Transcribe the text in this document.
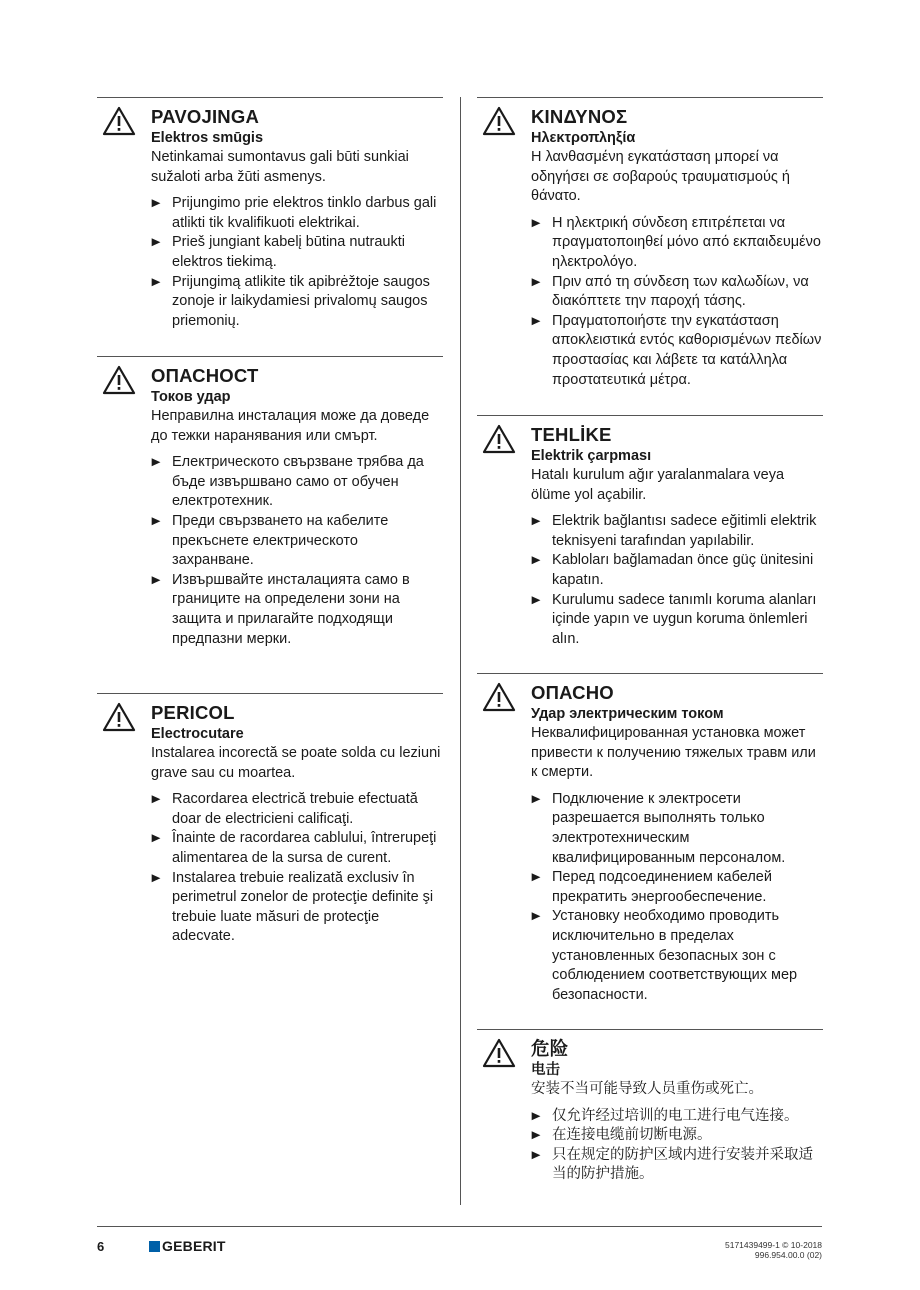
PAVOJINGA
Elektros smūgis

Netinkamai sumontavus gali būti sunkiai sužaloti arba žūti asmenys.

▶ Prijungimo prie elektros tinklo darbus gali atlikti tik kvalifikuoti elektrikai.
▶ Prieš jungiant kabelį būtina nutraukti elektros tiekimą.
▶ Prijungimą atlikite tik apibrėžtoje saugos zonoje ir laikydamiesi privalomų saugos priemonių.
ОПАСНОСТ
Токов удар

Неправилна инсталация може да доведе до тежки наранявания или смърт.

▶ Електрическото свързване трябва да бъде извършвано само от обучен електротехник.
▶ Преди свързването на кабелите прекъснете електрическото захранване.
▶ Извършвайте инсталацията само в границите на определени зони на защита и прилагайте подходящи предпазни мерки.
PERICOL
Electrocutare

Instalarea incorectă se poate solda cu leziuni grave sau cu moartea.

▶ Racordarea electrică trebuie efectuată doar de electricieni calificaţi.
▶ Înainte de racordarea cablului, întrerupeţi alimentarea de la sursa de curent.
▶ Instalarea trebuie realizată exclusiv în perimetrul zonelor de protecţie definite şi trebuie luate măsuri de protecţie adecvate.
ΚΙΝΔΥΝΟΣ
Ηλεκτροπληξία

Η λανθασμένη εγκατάσταση μπορεί να οδηγήσει σε σοβαρούς τραυματισμούς ή θάνατο.

▶ Η ηλεκτρική σύνδεση επιτρέπεται να πραγματοποιηθεί μόνο από εκπαιδευμένο ηλεκτρολόγο.
▶ Πριν από τη σύνδεση των καλωδίων, να διακόπτετε την παροχή τάσης.
▶ Πραγματοποιήστε την εγκατάσταση αποκλειστικά εντός καθορισμένων πεδίων προστασίας και λάβετε τα κατάλληλα προστατευτικά μέτρα.
TEHLİKE
Elektrik çarpması

Hatalı kurulum ağır yaralanmalara veya ölüme yol açabilir.

▶ Elektrik bağlantısı sadece eğitimli elektrik teknisyeni tarafından yapılabilir.
▶ Kabloları bağlamadan önce güç ünitesini kapatın.
▶ Kurulumu sadece tanımlı koruma alanları içinde yapın ve uygun koruma önlemleri alın.
ОПАСНО
Удар электрическим током

Неквалифицированная установка может привести к получению тяжелых травм или к смерти.

▶ Подключение к электросети разрешается выполнять только электротехническим квалифицированным персоналом.
▶ Перед подсоединением кабелей прекратить энергообеспечение.
▶ Установку необходимо проводить исключительно в пределах установленных безопасных зон с соблюдением соответствующих мер безопасности.
危险
电击

安装不当可能导致人员重伤或死亡。

▶ 仅允许经过培训的电工进行电气连接。
▶ 在连接电缆前切断电源。
▶ 只在规定的防护区域内进行安装并采取适当的防护措施。
6	GEBERIT	5171439499-1 © 10-2018
996.954.00.0 (02)
